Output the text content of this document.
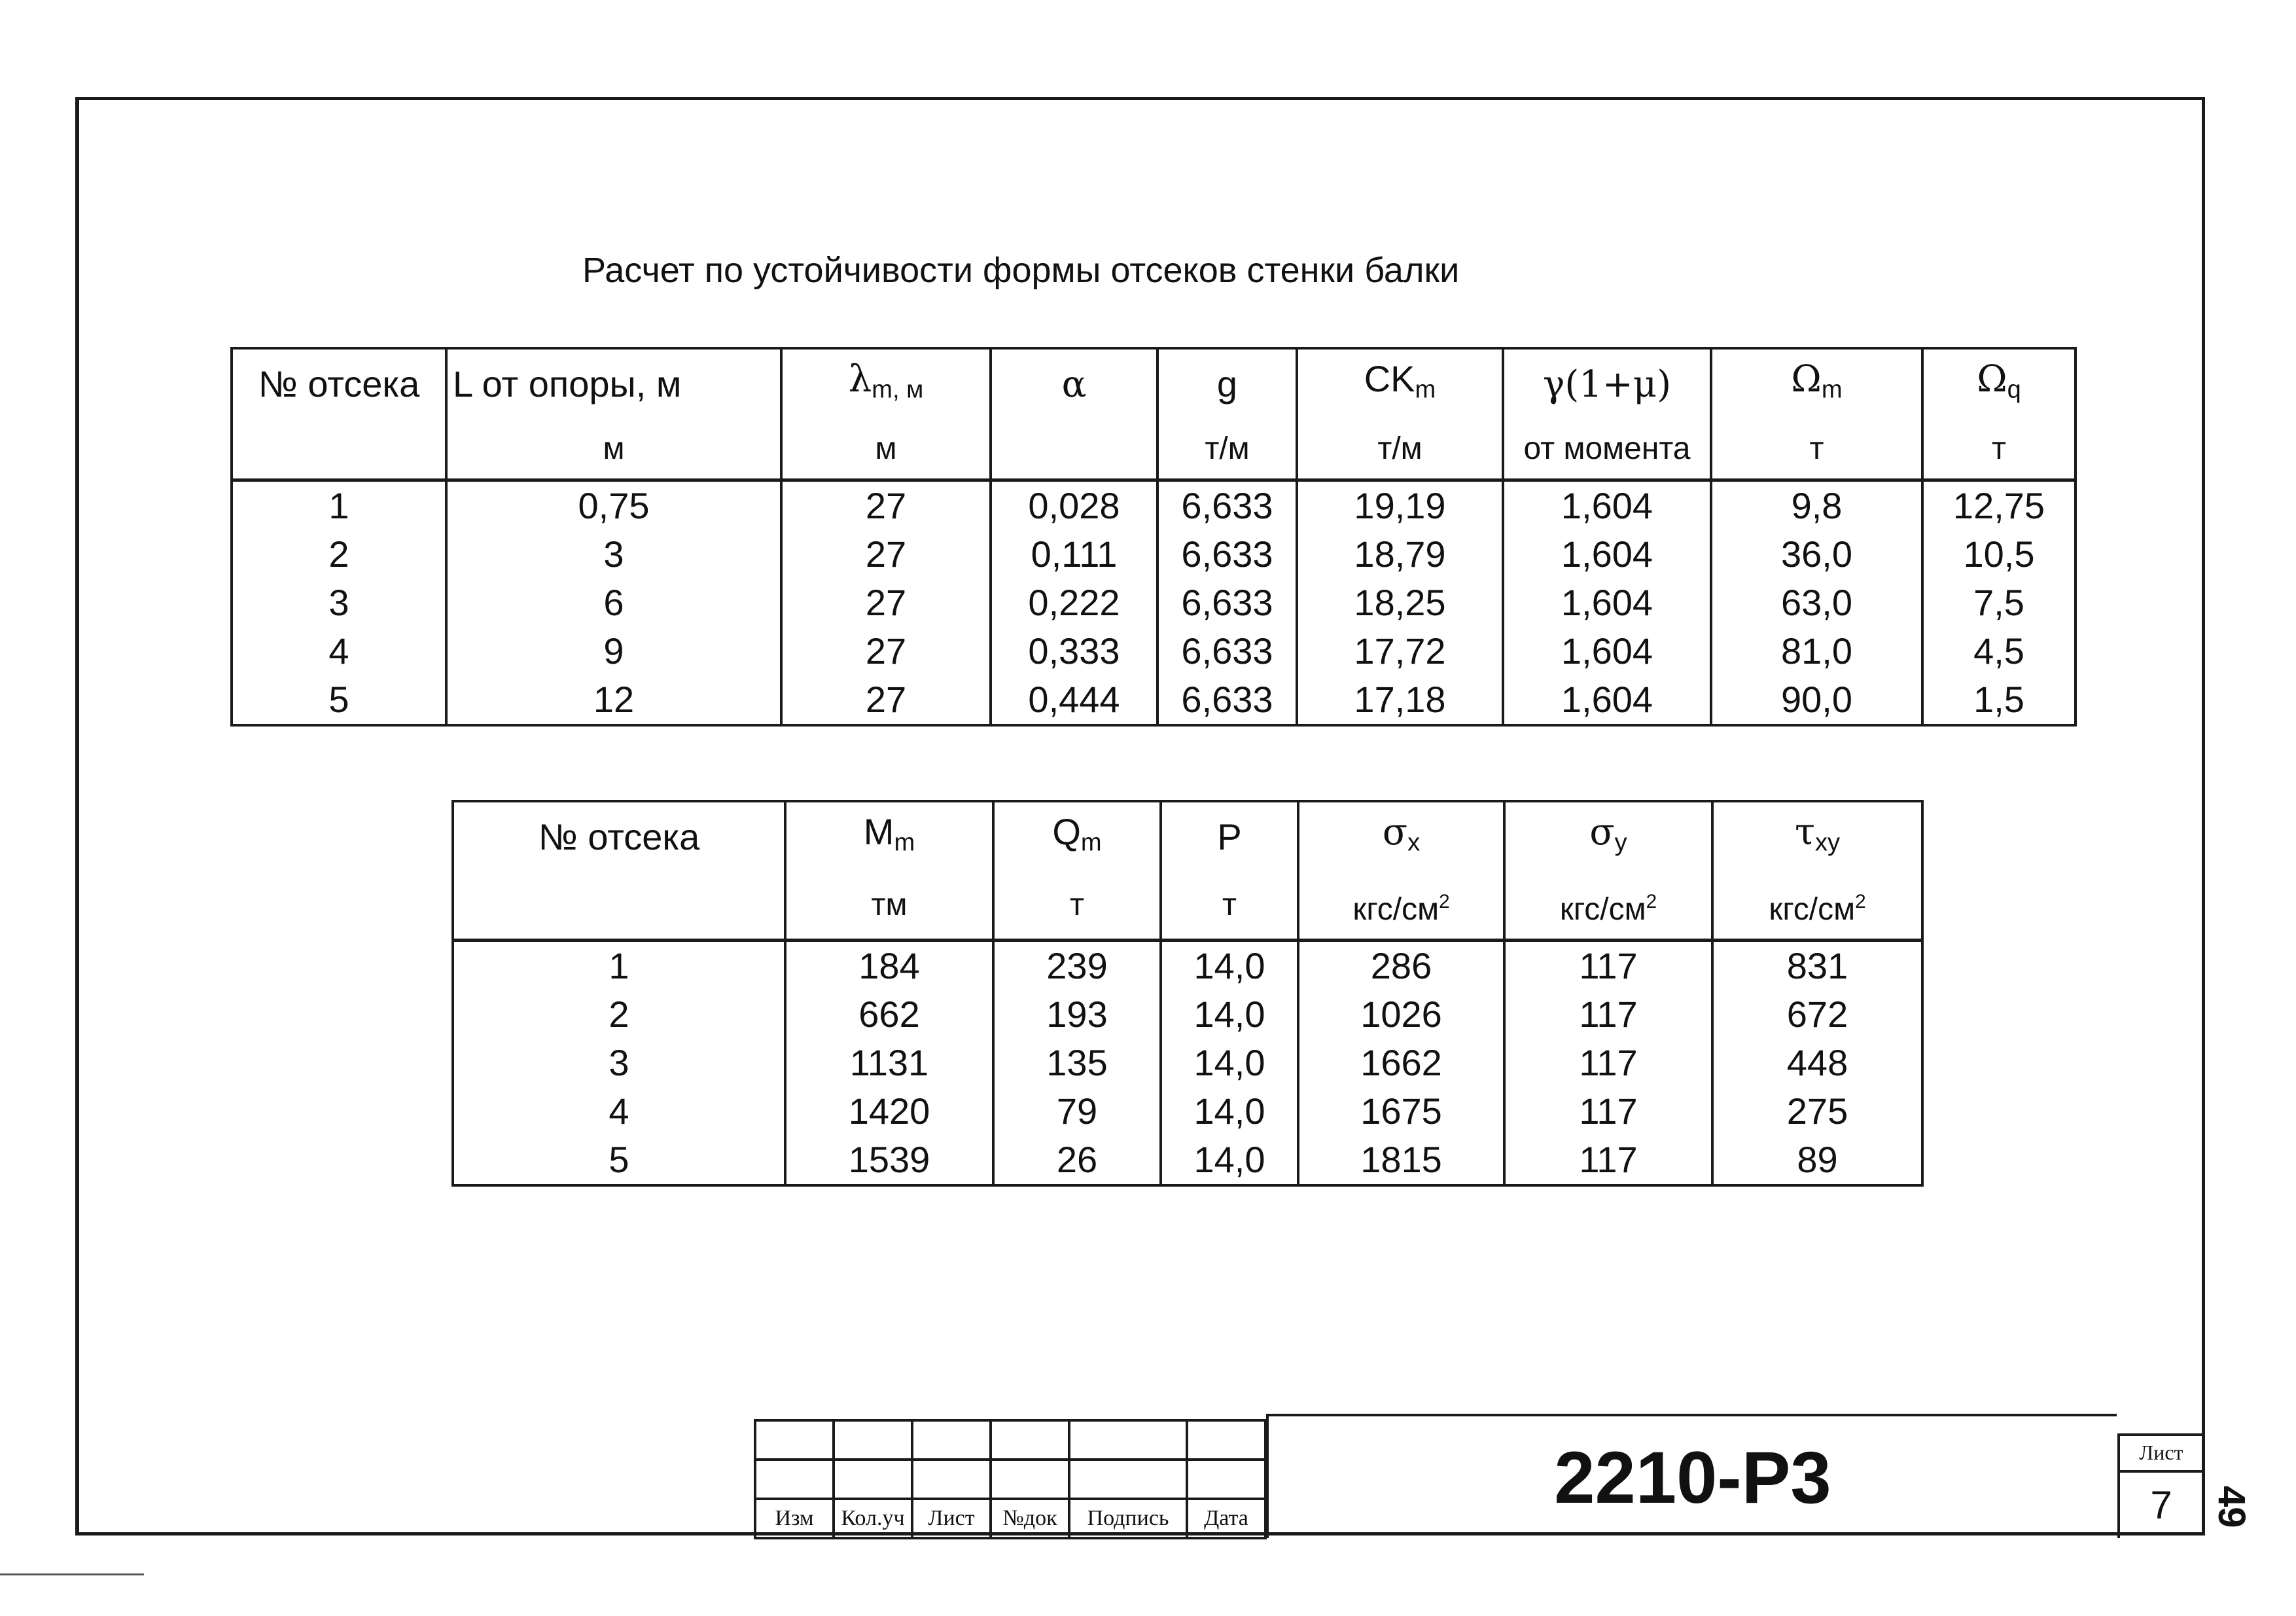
Расчет по устойчивости формы отсеков стенки балки
№ отсека	L от опоры, м	$\lambda_{m, м}$	α	g	$CK_m$	γ(1+μ)	$\Omega_m$	$\Omega_q$
	м	м		т/м	т/м	от момента	т	т
1	0,75	27	0,028	6,633	19,19	1,604	9,8	12,75
2	3	27	0,111	6,633	18,79	1,604	36,0	10,5
3	6	27	0,222	6,633	18,25	1,604	63,0	7,5
4	9	27	0,333	6,633	17,72	1,604	81,0	4,5
5	12	27	0,444	6,633	17,18	1,604	90,0	1,5
№ отсека	$M_m$	$Q_m$	P	$\sigma_x$	$\sigma_y$	$\tau_{xy}$
	тм	т	т	кгс/$см^2$	кгс/$см^2$	кгс/$см^2$
1	184	239	14,0	286	117	831
2	662	193	14,0	1026	117	672
3	1131	135	14,0	1662	117	448
4	1420	79	14,0	1675	117	275
5	1539	26	14,0	1815	117	89

Изм	Кол.уч	Лист	№док	Подпись	Дата	2210-Р3	Лист
7	49
